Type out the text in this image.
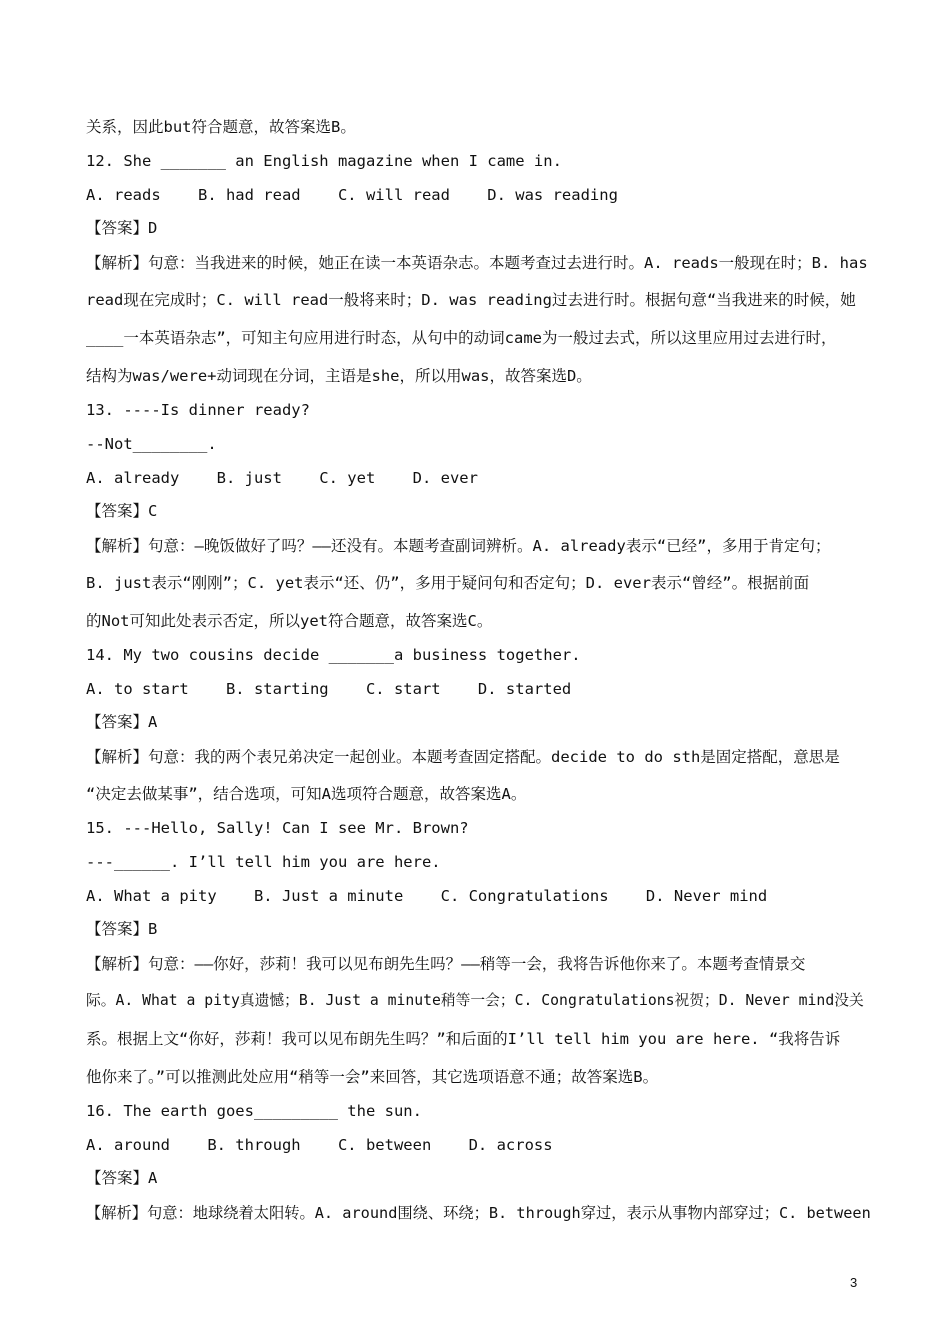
关系，因此but符合题意，故答案选B。
12. She _______ an English magazine when I came in.
A. reads    B. had read    C. will read    D. was reading
【答案】D
【解析】句意：当我进来的时候，她正在读一本英语杂志。本题考查过去进行时。A. reads一般现在时；B. has
read现在完成时；C. will read一般将来时；D. was reading过去进行时。根据句意“当我进来的时候，她
____一本英语杂志”，可知主句应用进行时态，从句中的动词came为一般过去式，所以这里应用过去进行时，
结构为was/were+动词现在分词，主语是she，所以用was，故答案选D。
13. ----Is dinner ready?
--Not________.
A. already    B. just    C. yet    D. ever
【答案】C
【解析】句意：—晚饭做好了吗？——还没有。本题考查副词辨析。A. already表示“已经”，多用于肯定句；
B. just表示“刚刚”；C. yet表示“还、仍”，多用于疑问句和否定句；D. ever表示“曾经”。根据前面
的Not可知此处表示否定，所以yet符合题意，故答案选C。
14. My two cousins decide _______a business together.
A. to start    B. starting    C. start    D. started
【答案】A
【解析】句意：我的两个表兄弟决定一起创业。本题考查固定搭配。decide to do sth是固定搭配，意思是
“决定去做某事”，结合选项，可知A选项符合题意，故答案选A。
15. ---Hello, Sally! Can I see Mr. Brown?
---______. I’ll tell him you are here.
A. What a pity    B. Just a minute    C. Congratulations    D. Never mind
【答案】B
【解析】句意：——你好，莎莉！我可以见布朗先生吗？——稍等一会，我将告诉他你来了。本题考查情景交
际。A. What a pity真遗憾；B. Just a minute稍等一会；C. Congratulations祝贺；D. Never mind没关
系。根据上文“你好，莎莉！我可以见布朗先生吗？”和后面的I’ll tell him you are here. “我将告诉
他你来了。”可以推测此处应用“稍等一会”来回答，其它选项语意不通；故答案选B。
16. The earth goes_________ the sun.
A. around    B. through    C. between    D. across
【答案】A
【解析】句意：地球绕着太阳转。A. around围绕、环绕；B. through穿过，表示从事物内部穿过；C. between
3
